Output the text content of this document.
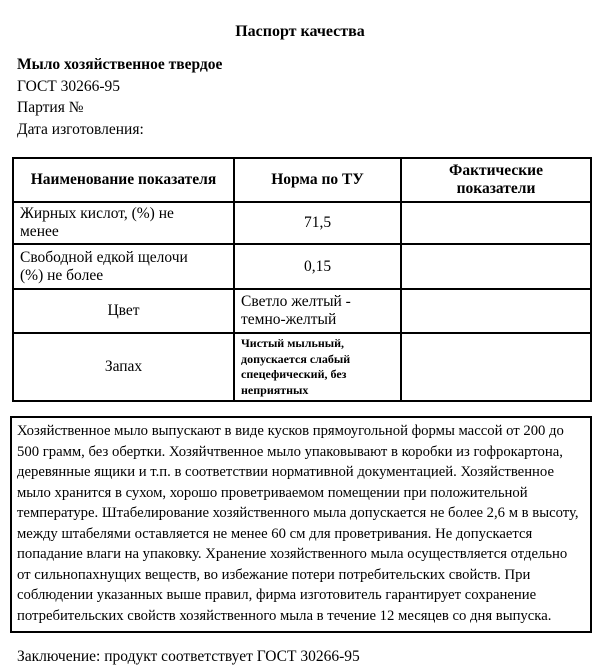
Паспорт качества
Мыло хозяйственное твердое
ГОСТ 30266-95
Партия №
Дата изготовления:
Наименование показателя	Норма по ТУ	Фактические показатели

Жирных кислот, (%) не менее	71,5	
Свободной едкой щелочи (%) не более	0,15	
Цвет	Светло желтый - темно-желтый	
Запах	Чистый мыльный, допускается слабый спецефический, без неприятных	

Хозяйственное мыло выпускают в виде кусков прямоугольной формы массой от 200 до 500 грамм, без обертки. Хозяйчтвенное мыло упаковывают в коробки из гофрокартона, деревянные ящики и т.п. в соответствии нормативной документацией. Хозяйственное мыло хранится в сухом, хорошо проветриваемом помещении при положительной температуре. Штабелирование хозяйственного мыла допускается не более 2,6 м в высоту, между штабелями оставляется не менее 60 см для проветривания. Не допускается попадание влаги на упаковку. Хранение хозяйственного мыла осуществляется отдельно от сильнопахнущих веществ, во избежание потери потребительских свойств. При соблюдении указанных выше правил, фирма изготовитель гарантирует сохранение потребительских свойств хозяйственного мыла в течение 12 месяцев со дня выпуска.
Заключение: продукт соответствует ГОСТ 30266-95
